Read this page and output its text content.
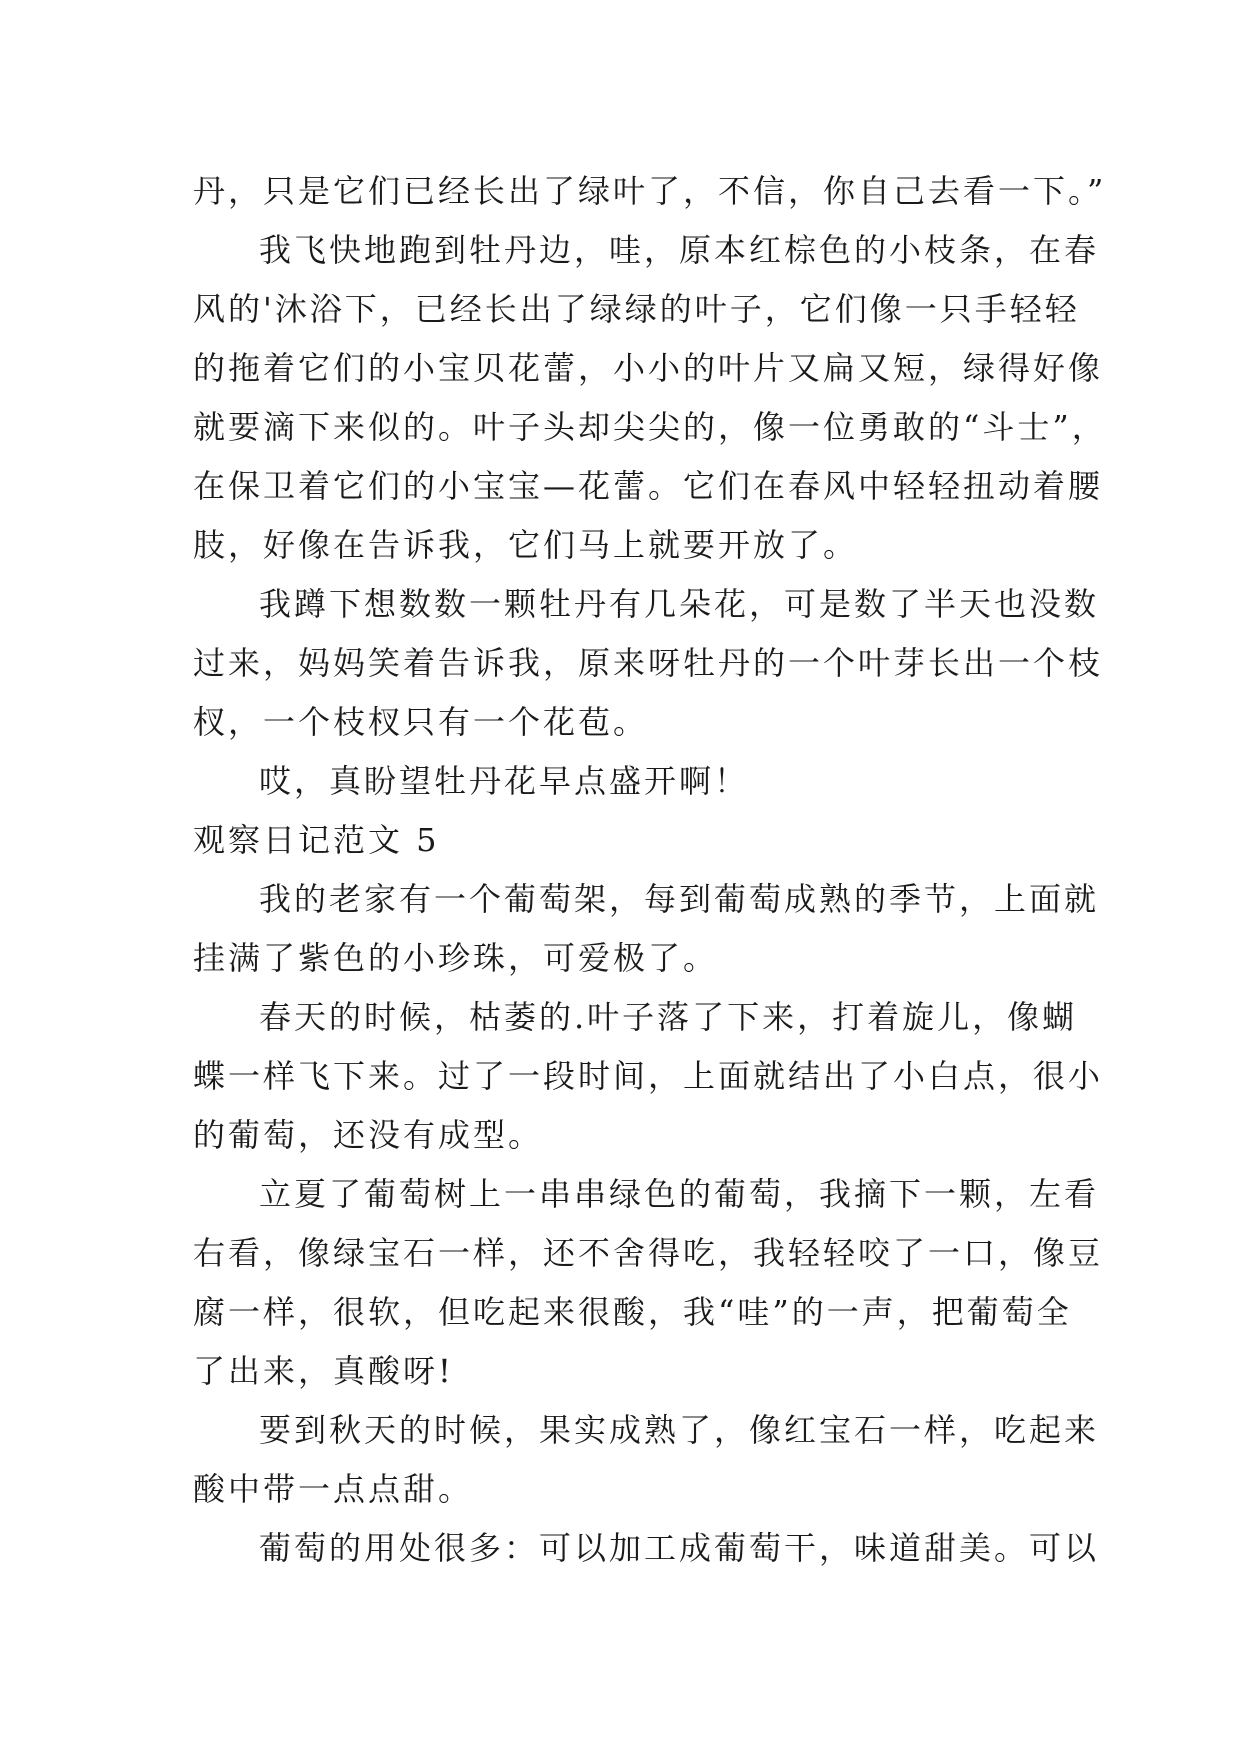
丹，只是它们已经长出了绿叶了，不信，你自己去看一下。”
我飞快地跑到牡丹边，哇，原本红棕色的小枝条，在春
风的'沐浴下，已经长出了绿绿的叶子，它们像一只手轻轻
的拖着它们的小宝贝花蕾，小小的叶片又扁又短，绿得好像
就要滴下来似的。叶子头却尖尖的，像一位勇敢的“斗士”，
在保卫着它们的小宝宝—花蕾。它们在春风中轻轻扭动着腰
肢，好像在告诉我，它们马上就要开放了。
我蹲下想数数一颗牡丹有几朵花，可是数了半天也没数
过来，妈妈笑着告诉我，原来呀牡丹的一个叶芽长出一个枝
杈，一个枝杈只有一个花苞。
哎，真盼望牡丹花早点盛开啊！
观察日记范文 5
我的老家有一个葡萄架，每到葡萄成熟的季节，上面就
挂满了紫色的小珍珠，可爱极了。
春天的时候，枯萎的.叶子落了下来，打着旋儿，像蝴
蝶一样飞下来。过了一段时间，上面就结出了小白点，很小
的葡萄，还没有成型。
立夏了葡萄树上一串串绿色的葡萄，我摘下一颗，左看
右看，像绿宝石一样，还不舍得吃，我轻轻咬了一口，像豆
腐一样，很软，但吃起来很酸，我“哇”的一声，把葡萄全
了出来，真酸呀!
要到秋天的时候，果实成熟了，像红宝石一样，吃起来
酸中带一点点甜。
葡萄的用处很多：可以加工成葡萄干，味道甜美。可以
